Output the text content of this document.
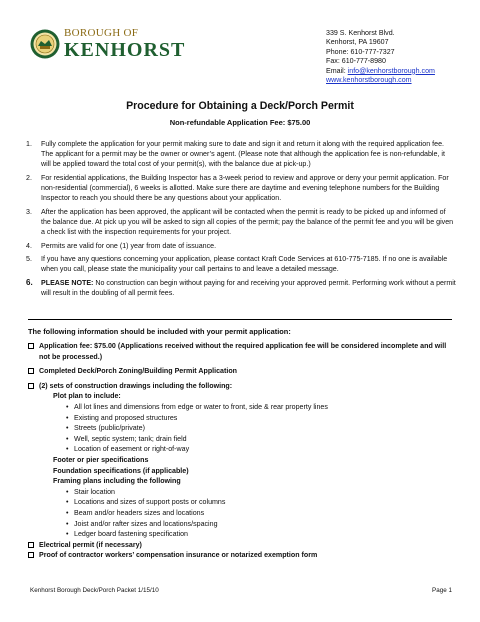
BOROUGH OF
KENHORST
339 S. Kenhorst Blvd.
Kenhorst, PA 19607
Phone: 610-777-7327
Fax: 610-777-8980
Email: info@kenhorstborough.com
www.kenhorstborough.com
Procedure for Obtaining a Deck/Porch Permit
Non-refundable Application Fee: $75.00
1.	Fully complete the application for your permit making sure to date and sign it and return it along with the required application fee. The applicant for a permit may be the owner or owner’s agent. (Please note that although the application fee is non-refundable, it will be applied toward the total cost of your permit(s), with the balance due at pick-up.)
2.	For residential applications, the Building Inspector has a 3-week period to review and approve or deny your permit application. For non-residential (commercial), 6 weeks is allotted. Make sure there are daytime and evening telephone numbers for the Building Inspector to reach you should there be any questions about your application.
3.	After the application has been approved, the applicant will be contacted when the permit is ready to be picked up and informed of the balance due. At pick up you will be asked to sign all copies of the permit; pay the balance of the permit fee and you will be given a check list with the inspection requirements for your project.
4.	Permits are valid for one (1) year from date of issuance.
5.	If you have any questions concerning your application, please contact Kraft Code Services at 610-775-7185. If no one is available when you call, please state the municipality your call pertains to and leave a detailed message.
6.	PLEASE NOTE: No construction can begin without paying for and receiving your approved permit. Performing work without a permit will result in the doubling of all permit fees.
The following information should be included with your permit application:
Application fee: $75.00 (Applications received without the required application fee will be considered incomplete and will not be processed.)
Completed Deck/Porch Zoning/Building Permit Application
(2) sets of construction drawings including the following:
Plot plan to include:
• All lot lines and dimensions from edge or water to front, side & rear property lines
• Existing and proposed structures
• Streets (public/private)
• Well, septic system; tank; drain field
• Location of easement or right-of-way
Footer or pier specifications
Foundation specifications (if applicable)
Framing plans including the following
• Stair location
• Locations and sizes of support posts or columns
• Beam and/or headers sizes and locations
• Joist and/or rafter sizes and locations/spacing
• Ledger board fastening specification
Electrical permit (if necessary)
Proof of contractor workers’ compensation insurance or notarized exemption form
Kenhorst Borough Deck/Porch Packet 1/15/10	Page 1
